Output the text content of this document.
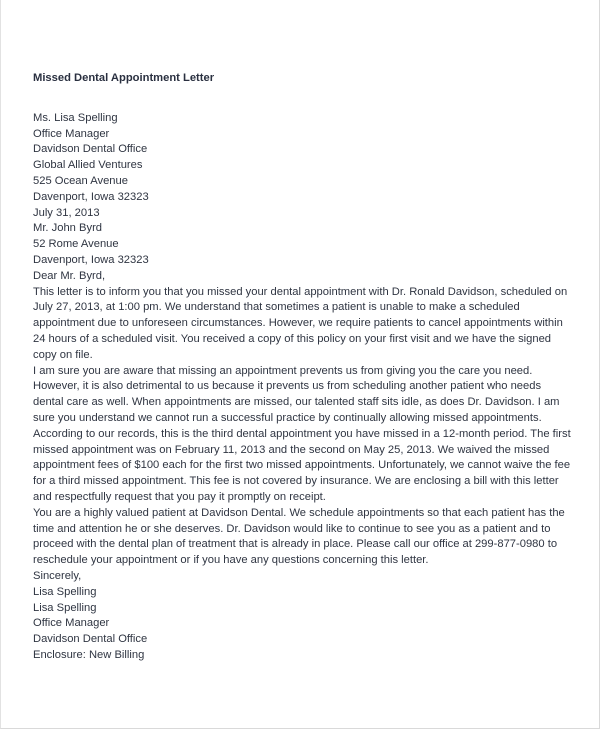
Missed Dental Appointment Letter

Ms. Lisa Spelling

Office Manager

Davidson Dental Office

Global Allied Ventures

525 Ocean Avenue

Davenport, Iowa 32323

July 31, 2013

Mr. John Byrd

52 Rome Avenue

Davenport, Iowa 32323

Dear Mr. Byrd,

This letter is to inform you that you missed your dental appointment with Dr. Ronald Davidson, scheduled on
July 27, 2013, at 1:00 pm. We understand that sometimes a patient is unable to make a scheduled
appointment due to unforeseen circumstances. However, we require patients to cancel appointments within
24 hours of a scheduled visit. You received a copy of this policy on your first visit and we have the signed
copy on file.
I am sure you are aware that missing an appointment prevents us from giving you the care you need.
However, it is also detrimental to us because it prevents us from scheduling another patient who needs
dental care as well. When appointments are missed, our talented staff sits idle, as does Dr. Davidson. I am
sure you understand we cannot run a successful practice by continually allowing missed appointments.
According to our records, this is the third dental appointment you have missed in a 12-month period. The first
missed appointment was on February 11, 2013 and the second on May 25, 2013. We waived the missed
appointment fees of $100 each for the first two missed appointments. Unfortunately, we cannot waive the fee
for a third missed appointment. This fee is not covered by insurance. We are enclosing a bill with this letter
and respectfully request that you pay it promptly on receipt.
You are a highly valued patient at Davidson Dental. We schedule appointments so that each patient has the
time and attention he or she deserves. Dr. Davidson would like to continue to see you as a patient and to
proceed with the dental plan of treatment that is already in place. Please call our office at 299-877-0980 to
reschedule your appointment or if you have any questions concerning this letter.

Sincerely,

Lisa Spelling

Lisa Spelling

Office Manager

Davidson Dental Office

Enclosure: New Billing
